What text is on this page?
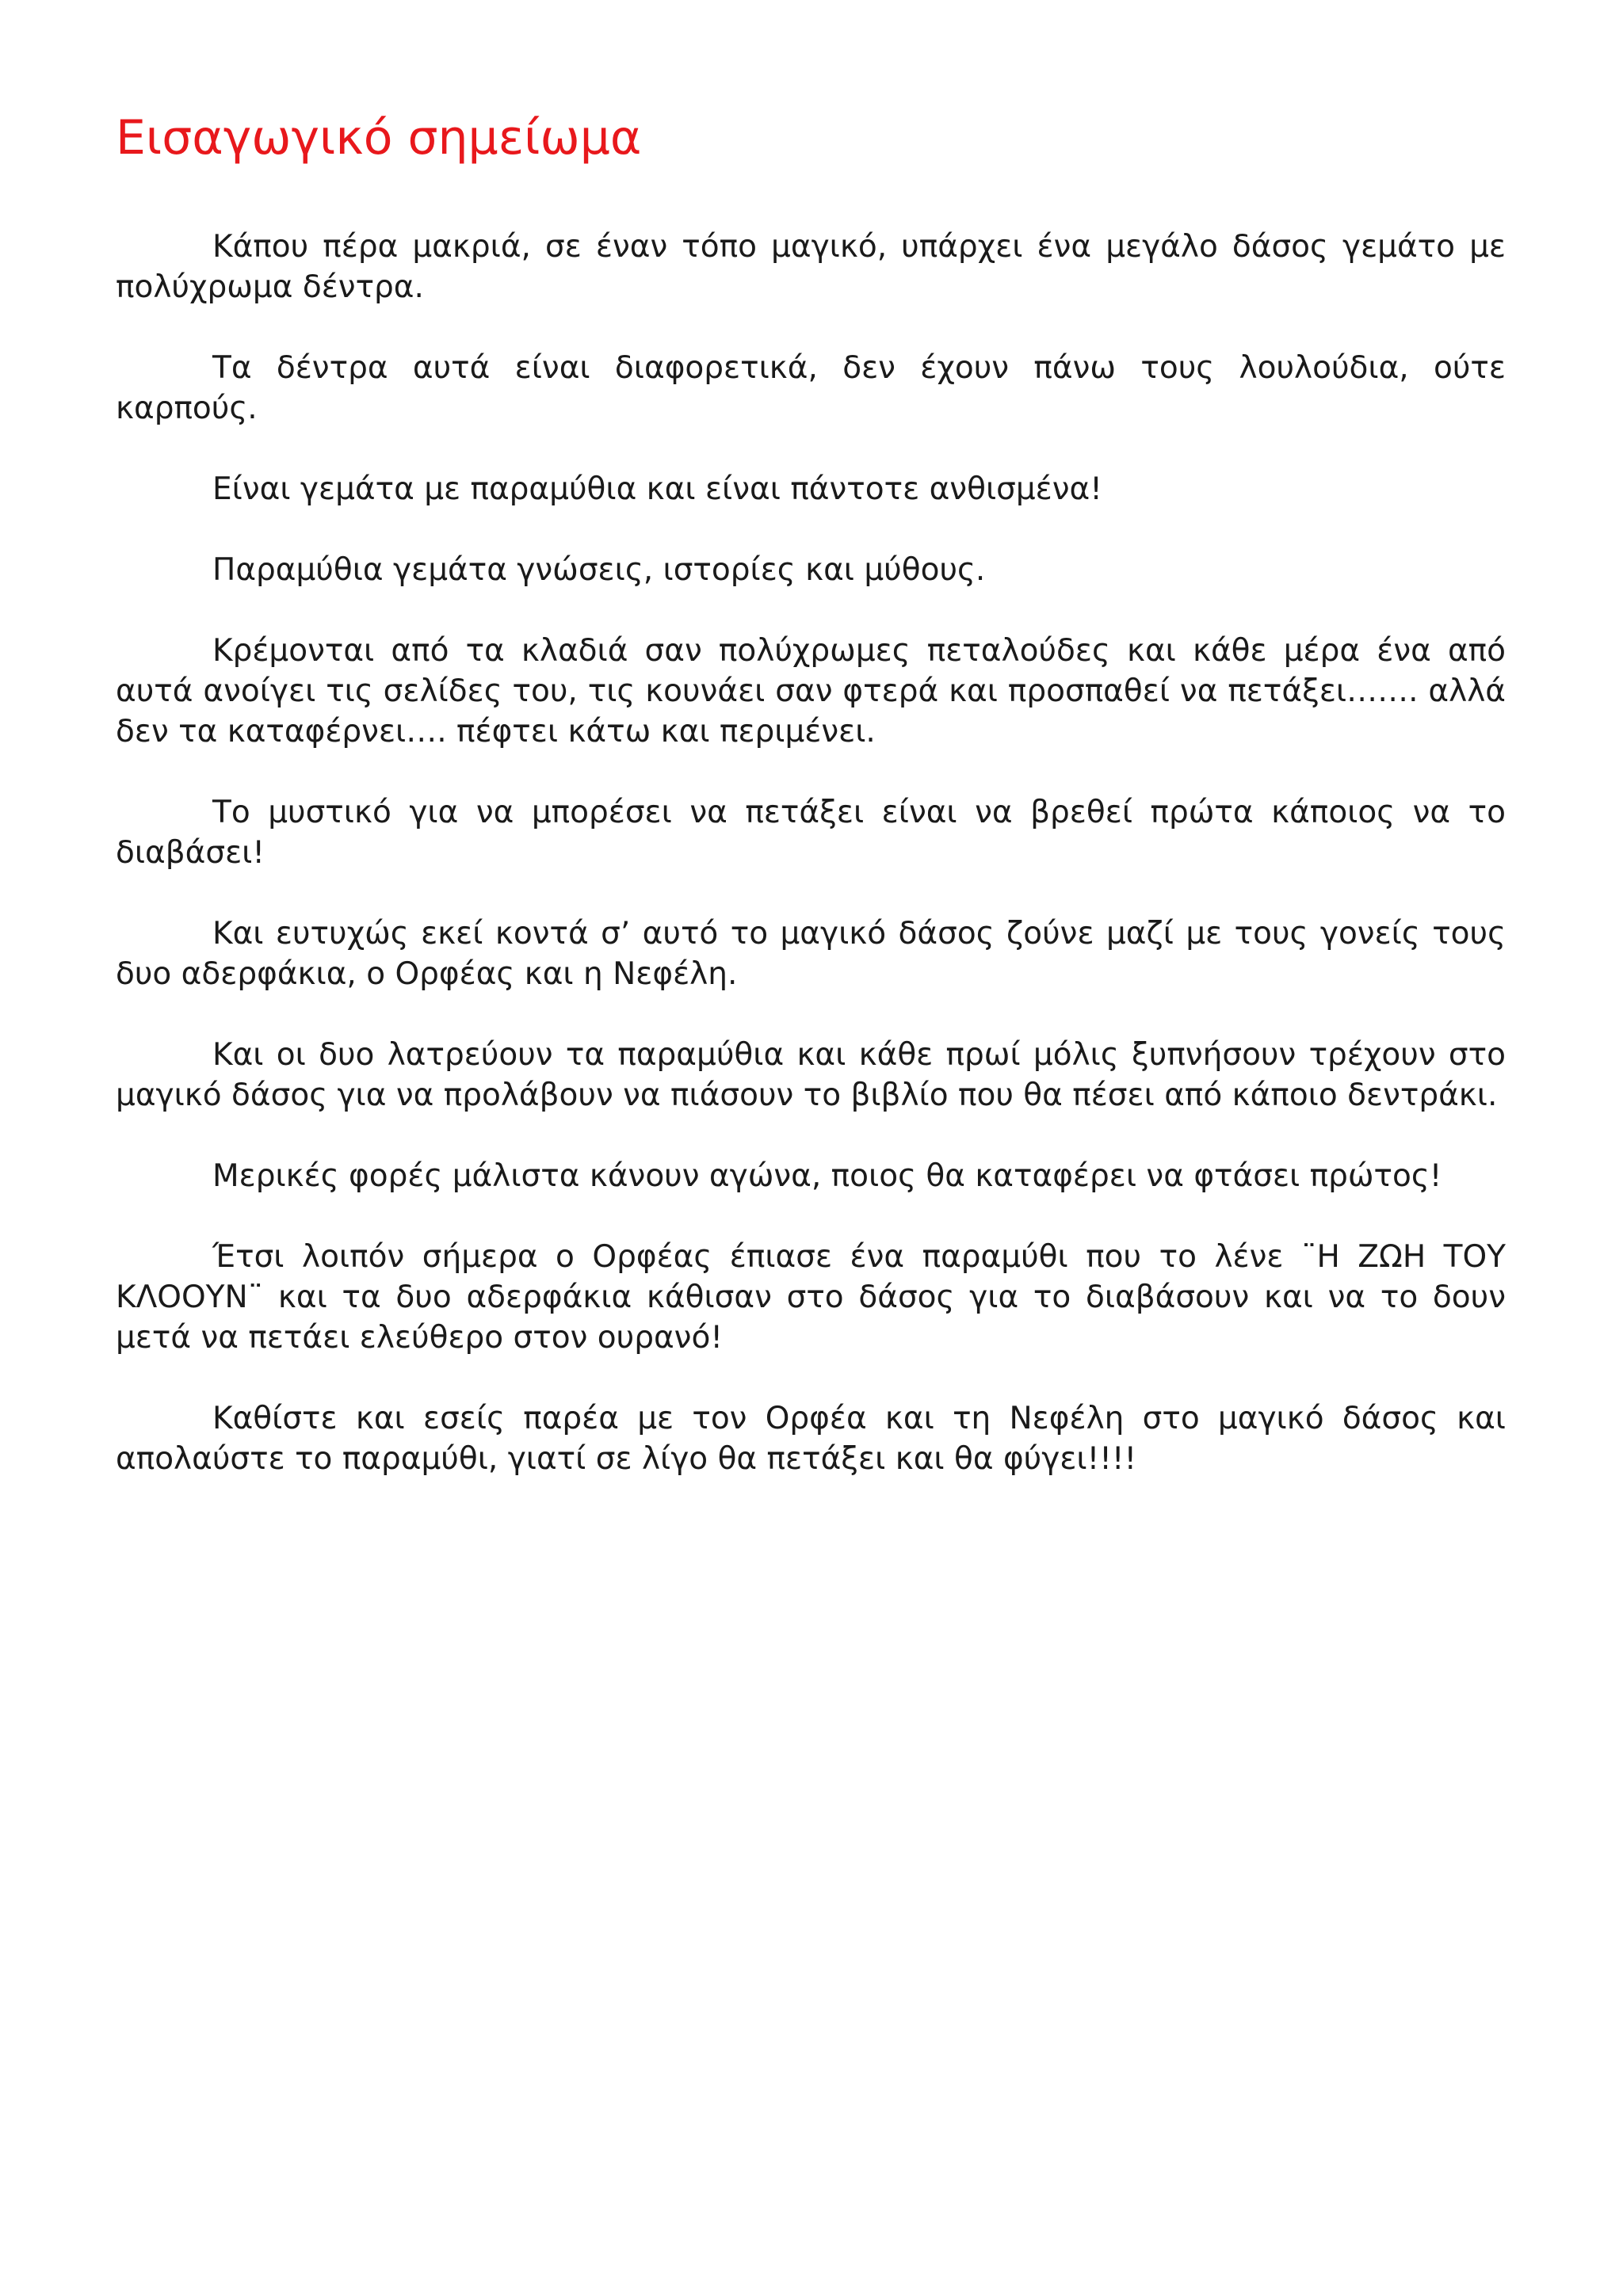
Εισαγωγικό σημείωμα

Κάπου πέρα μακριά, σε έναν τόπο μαγικό, υπάρχει ένα μεγάλο δάσος γεμάτο με πολύχρωμα δέντρα.

Τα δέντρα αυτά είναι διαφορετικά, δεν έχουν πάνω τους λουλούδια, ούτε καρπούς.

Είναι γεμάτα με παραμύθια και είναι πάντοτε ανθισμένα!

Παραμύθια γεμάτα γνώσεις, ιστορίες και μύθους.

Κρέμονται από τα κλαδιά σαν πολύχρωμες πεταλούδες και κάθε μέρα ένα από αυτά ανοίγει τις σελίδες του, τις κουνάει σαν φτερά και προσπαθεί να πετάξει……. αλλά δεν τα καταφέρνει…. πέφτει κάτω και περιμένει.

Το μυστικό για να μπορέσει να πετάξει είναι να βρεθεί πρώτα κάποιος να το διαβάσει!

Και ευτυχώς εκεί κοντά σ’ αυτό το μαγικό δάσος ζούνε μαζί με τους γονείς τους δυο αδερφάκια, ο Ορφέας και η Νεφέλη.

Και οι δυο λατρεύουν τα παραμύθια και κάθε πρωί μόλις ξυπνήσουν τρέχουν στο μαγικό δάσος για να προλάβουν να πιάσουν το βιβλίο που θα πέσει από κάποιο δεντράκι.

Μερικές φορές μάλιστα κάνουν αγώνα, ποιος θα καταφέρει να φτάσει πρώτος!

Έτσι λοιπόν σήμερα ο Ορφέας έπιασε ένα παραμύθι που το λένε ¨Η ΖΩΗ ΤΟΥ ΚΛΟΟΥΝ¨ και τα δυο αδερφάκια κάθισαν στο δάσος για το διαβάσουν και να το δουν μετά να πετάει ελεύθερο στον ουρανό!

Καθίστε και εσείς παρέα με τον Ορφέα και τη Νεφέλη στο μαγικό δάσος και απολαύστε το παραμύθι, γιατί σε λίγο θα πετάξει και θα φύγει!!!!
